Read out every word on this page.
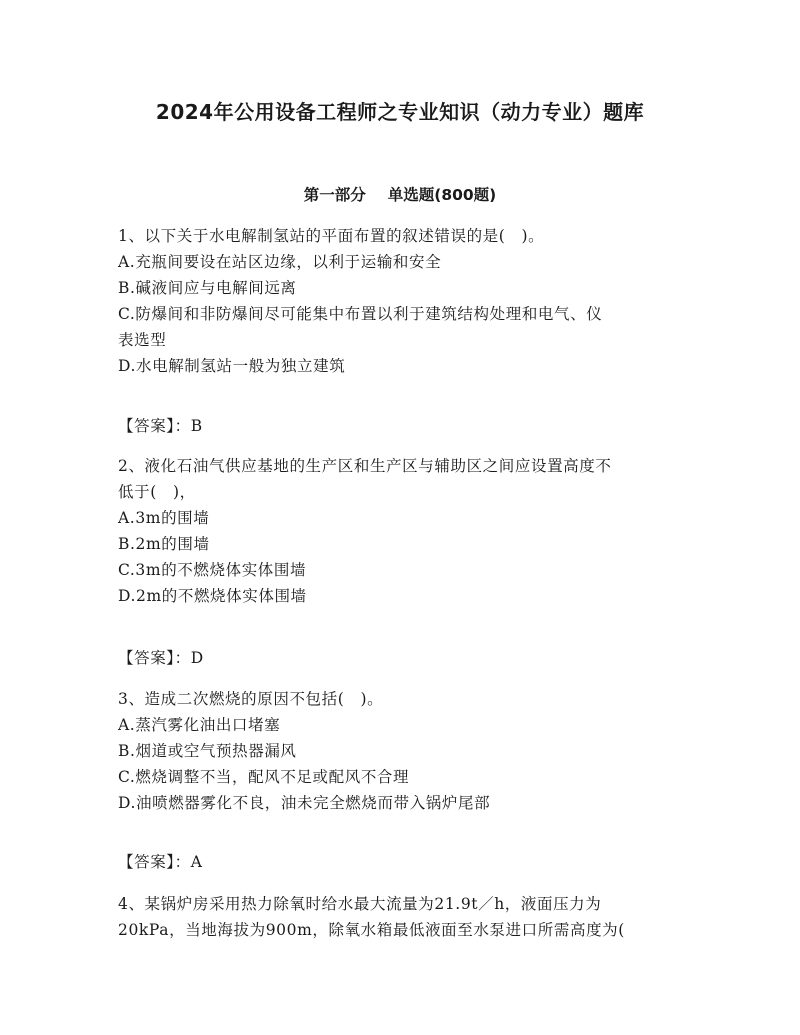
2024年公用设备工程师之专业知识（动力专业）题库
第一部分 单选题(800题)
1、以下关于水电解制氢站的平面布置的叙述错误的是(　)。
A.充瓶间要设在站区边缘，以利于运输和安全
B.碱液间应与电解间远离
C.防爆间和非防爆间尽可能集中布置以利于建筑结构处理和电气、仪
表选型
D.水电解制氢站一般为独立建筑
【答案】：B
2、液化石油气供应基地的生产区和生产区与辅助区之间应设置高度不
低于(　)，
A.3m的围墙
B.2m的围墙
C.3m的不燃烧体实体围墙
D.2m的不燃烧体实体围墙
【答案】：D
3、造成二次燃烧的原因不包括(　)。
A.蒸汽雾化油出口堵塞
B.烟道或空气预热器漏风
C.燃烧调整不当，配风不足或配风不合理
D.油喷燃器雾化不良，油未完全燃烧而带入锅炉尾部
【答案】：A
4、某锅炉房采用热力除氧时给水最大流量为21.9t／h，液面压力为
20kPa，当地海拔为900m，除氧水箱最低液面至水泵进口所需高度为(
